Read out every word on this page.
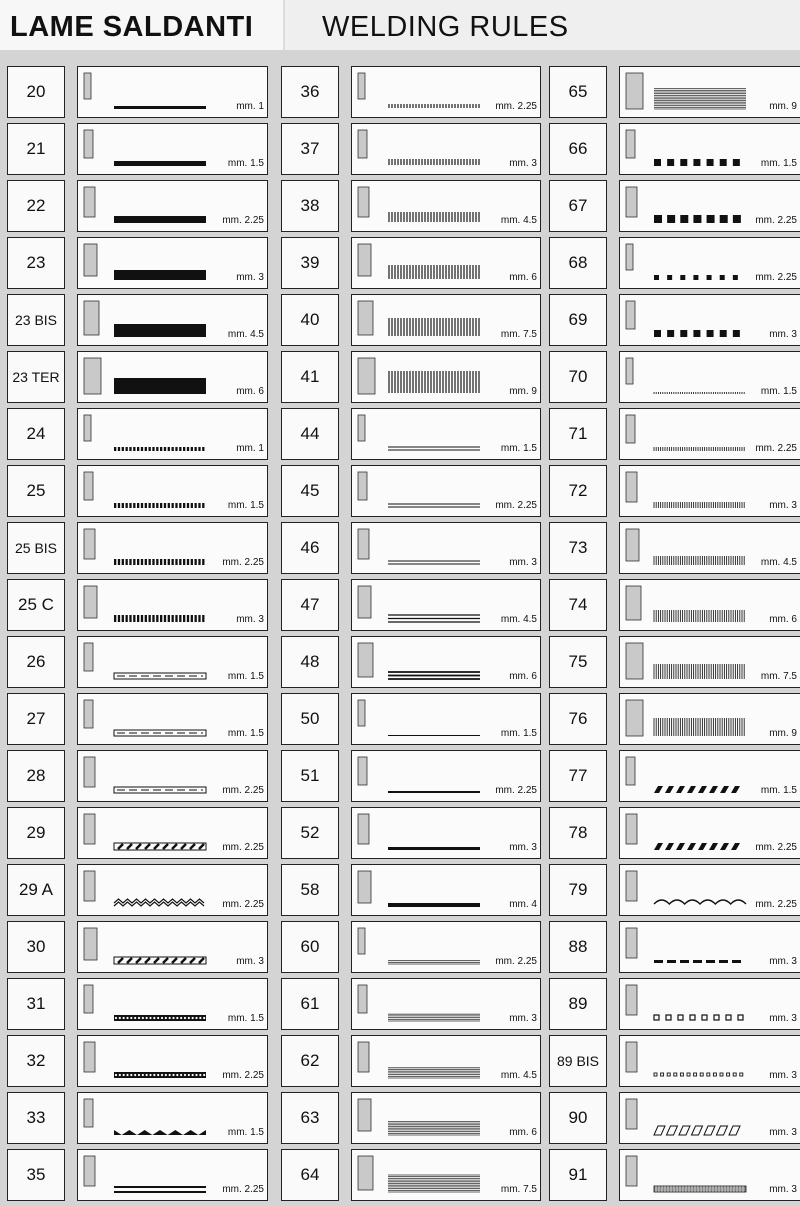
LAME SALDANTI	WELDING RULES
20
mm. 1
21
mm. 1.5
22
mm. 2.25
23
mm. 3
23 BIS
mm. 4.5
23 TER
mm. 6
24
mm. 1
25
mm. 1.5
25 BIS
mm. 2.25
25 C
mm. 3
26
mm. 1.5
27
mm. 1.5
28
mm. 2.25
29
mm. 2.25
29 A
mm. 2.25
30
mm. 3
31
mm. 1.5
32
mm. 2.25
33
mm. 1.5
35
mm. 2.25
36
mm. 2.25
37
mm. 3
38
mm. 4.5
39
mm. 6
40
mm. 7.5
41
mm. 9
44
mm. 1.5
45
mm. 2.25
46
mm. 3
47
mm. 4.5
48
mm. 6
50
mm. 1.5
51
mm. 2.25
52
mm. 3
58
mm. 4
60
mm. 2.25
61
mm. 3
62
mm. 4.5
63
mm. 6
64
mm. 7.5
65
mm. 9
66
mm. 1.5
67
mm. 2.25
68
mm. 2.25
69
mm. 3
70
mm. 1.5
71
mm. 2.25
72
mm. 3
73
mm. 4.5
74
mm. 6
75
mm. 7.5
76
mm. 9
77
mm. 1.5
78
mm. 2.25
79
mm. 2.25
88
mm. 3
89
mm. 3
89 BIS
mm. 3
90
mm. 3
91
mm. 3
